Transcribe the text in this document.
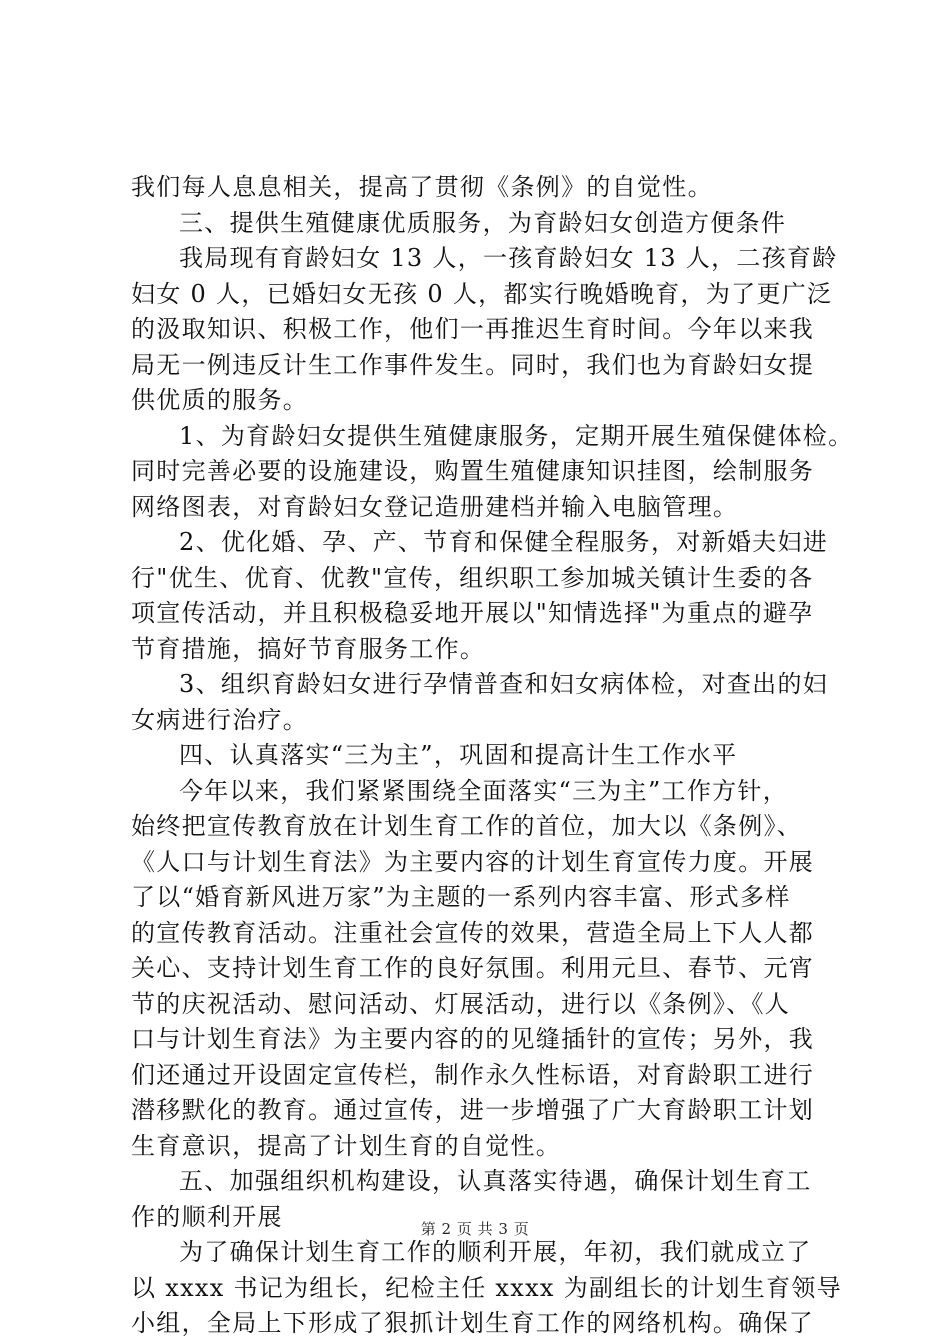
我们每人息息相关，提高了贯彻《条例》的自觉性。
三、提供生殖健康优质服务，为育龄妇女创造方便条件
我局现有育龄妇女 13 人，一孩育龄妇女 13 人，二孩育龄
妇女 0 人，已婚妇女无孩 0 人，都实行晚婚晚育，为了更广泛
的汲取知识、积极工作，他们一再推迟生育时间。今年以来我
局无一例违反计生工作事件发生。同时，我们也为育龄妇女提
供优质的服务。
1、为育龄妇女提供生殖健康服务，定期开展生殖保健体检。
同时完善必要的设施建设，购置生殖健康知识挂图，绘制服务
网络图表，对育龄妇女登记造册建档并输入电脑管理。
2、优化婚、孕、产、节育和保健全程服务，对新婚夫妇进
行"优生、优育、优教"宣传，组织职工参加城关镇计生委的各
项宣传活动，并且积极稳妥地开展以"知情选择"为重点的避孕
节育措施，搞好节育服务工作。
3、组织育龄妇女进行孕情普查和妇女病体检，对查出的妇
女病进行治疗。
四、认真落实“三为主”，巩固和提高计生工作水平
今年以来，我们紧紧围绕全面落实“三为主”工作方针，
始终把宣传教育放在计划生育工作的首位，加大以《条例》、
《人口与计划生育法》为主要内容的计划生育宣传力度。开展
了以“婚育新风进万家”为主题的一系列内容丰富、形式多样
的宣传教育活动。注重社会宣传的效果，营造全局上下人人都
关心、支持计划生育工作的良好氛围。利用元旦、春节、元宵
节的庆祝活动、慰问活动、灯展活动，进行以《条例》、《人
口与计划生育法》为主要内容的的见缝插针的宣传；另外，我
们还通过开设固定宣传栏，制作永久性标语，对育龄职工进行
潜移默化的教育。通过宣传，进一步增强了广大育龄职工计划
生育意识，提高了计划生育的自觉性。
五、加强组织机构建设，认真落实待遇，确保计划生育工
作的顺利开展
为了确保计划生育工作的顺利开展，年初，我们就成立了
以 xxxx 书记为组长，纪检主任 xxxx 为副组长的计划生育领导
小组，全局上下形成了狠抓计划生育工作的网络机构。确保了
第 2 页 共 3 页
